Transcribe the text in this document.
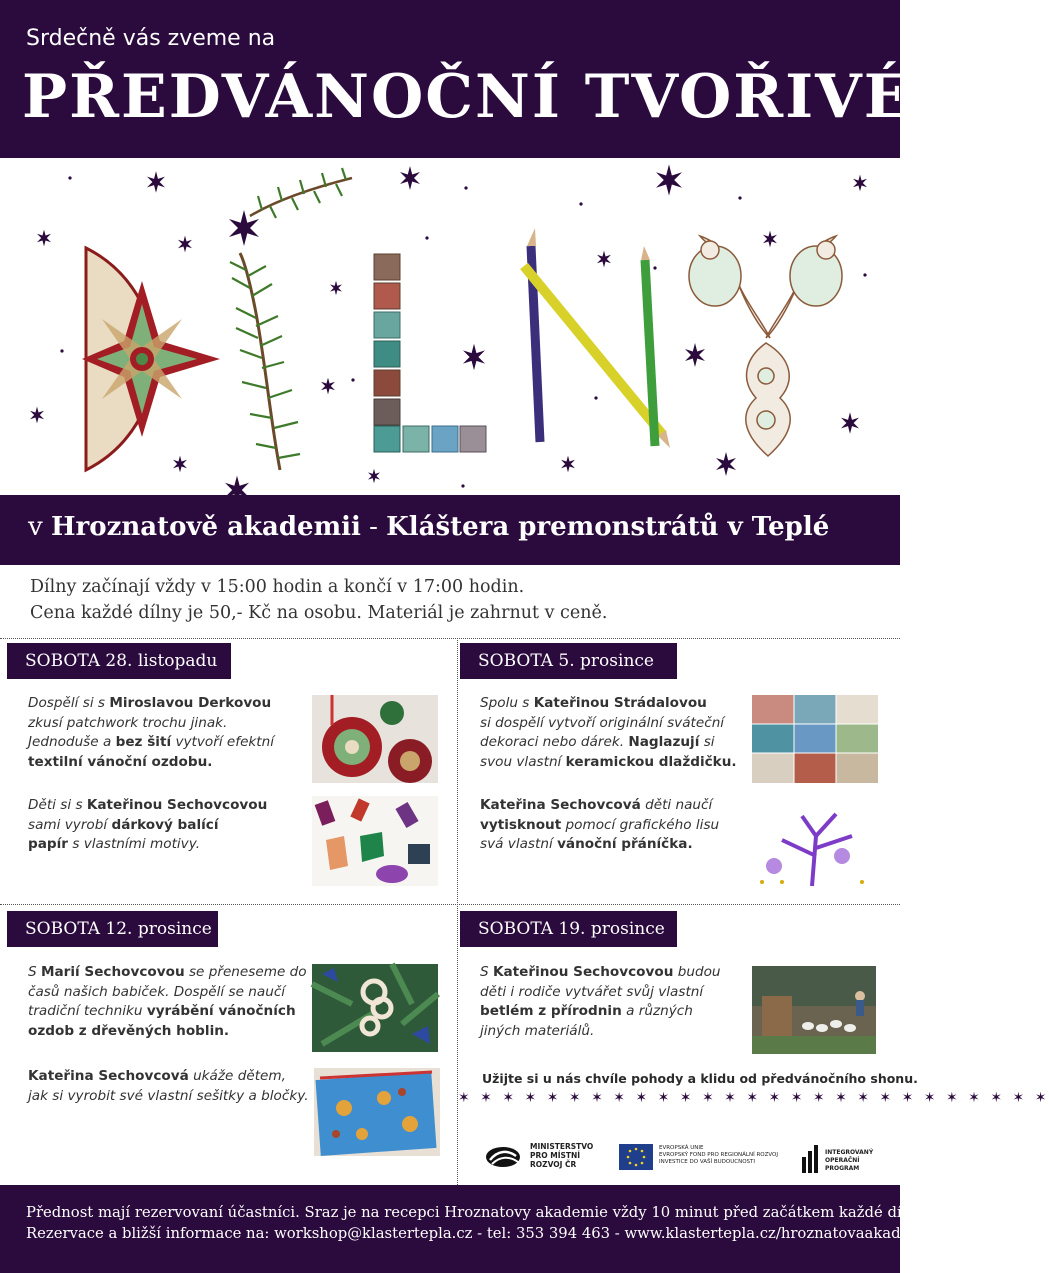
Srdečně vás zveme na
PŘEDVÁNOČNÍ TVOŘIVÉ
v Hroznatově akademii - Kláštera premonstrátů v Teplé
Dílny začínají vždy v 15:00 hodin a končí v 17:00 hodin.
Cena každé dílny je 50,- Kč na osobu. Materiál je zahrnut v ceně.
SOBOTA 28. listopadu
Dospělí si s Miroslavou Derkovou
zkusí patchwork trochu jinak.
Jednoduše a bez šití vytvoří efektní
textilní vánoční ozdobu.
Děti si s Kateřinou Sechovcovou
sami vyrobí dárkový balící
papír s vlastními motivy.
SOBOTA 5. prosince
Spolu s Kateřinou Strádalovou
si dospělí vytvoří originální sváteční
dekoraci nebo dárek. Naglazují si
svou vlastní keramickou dlaždičku.
Kateřina Sechovcová děti naučí
vytisknout pomocí grafického lisu
svá vlastní vánoční přáníčka.
SOBOTA 12. prosince
S Marií Sechovcovou se přeneseme do
časů našich babiček. Dospělí se naučí
tradiční techniku vyrábění vánočních
ozdob z dřevěných hoblin.
Kateřina Sechovcová ukáže dětem,
jak si vyrobit své vlastní sešitky a bločky.
SOBOTA 19. prosince
S Kateřinou Sechovcovou budou
děti i rodiče vytvářet svůj vlastní
betlém z přírodnin a různých
jiných materiálů.
Užijte si u nás chvíle pohody a klidu od předvánočního shonu.
✶ ✶ ✶ ✶ ✶ ✶ ✶ ✶ ✶ ✶ ✶ ✶ ✶ ✶ ✶ ✶ ✶ ✶ ✶ ✶ ✶ ✶ ✶ ✶ ✶ ✶ ✶
MINISTERSTVO
PRO MÍSTNÍ
ROZVOJ ČR
EVROPSKÁ UNIE
EVROPSKÝ FOND PRO REGIONÁLNÍ ROZVOJ
INVESTICE DO VAŠÍ BUDOUCNOSTI
INTEGROVANÝ
OPERAČNÍ
PROGRAM

Přednost mají rezervovaní účastníci. Sraz je na recepci Hroznatovy akademie vždy 10 minut před začátkem každé dílny.

Rezervace a bližší informace na: workshop@klastertepla.cz - tel: 353 394 463 - www.klastertepla.cz/hroznatovaakademie
